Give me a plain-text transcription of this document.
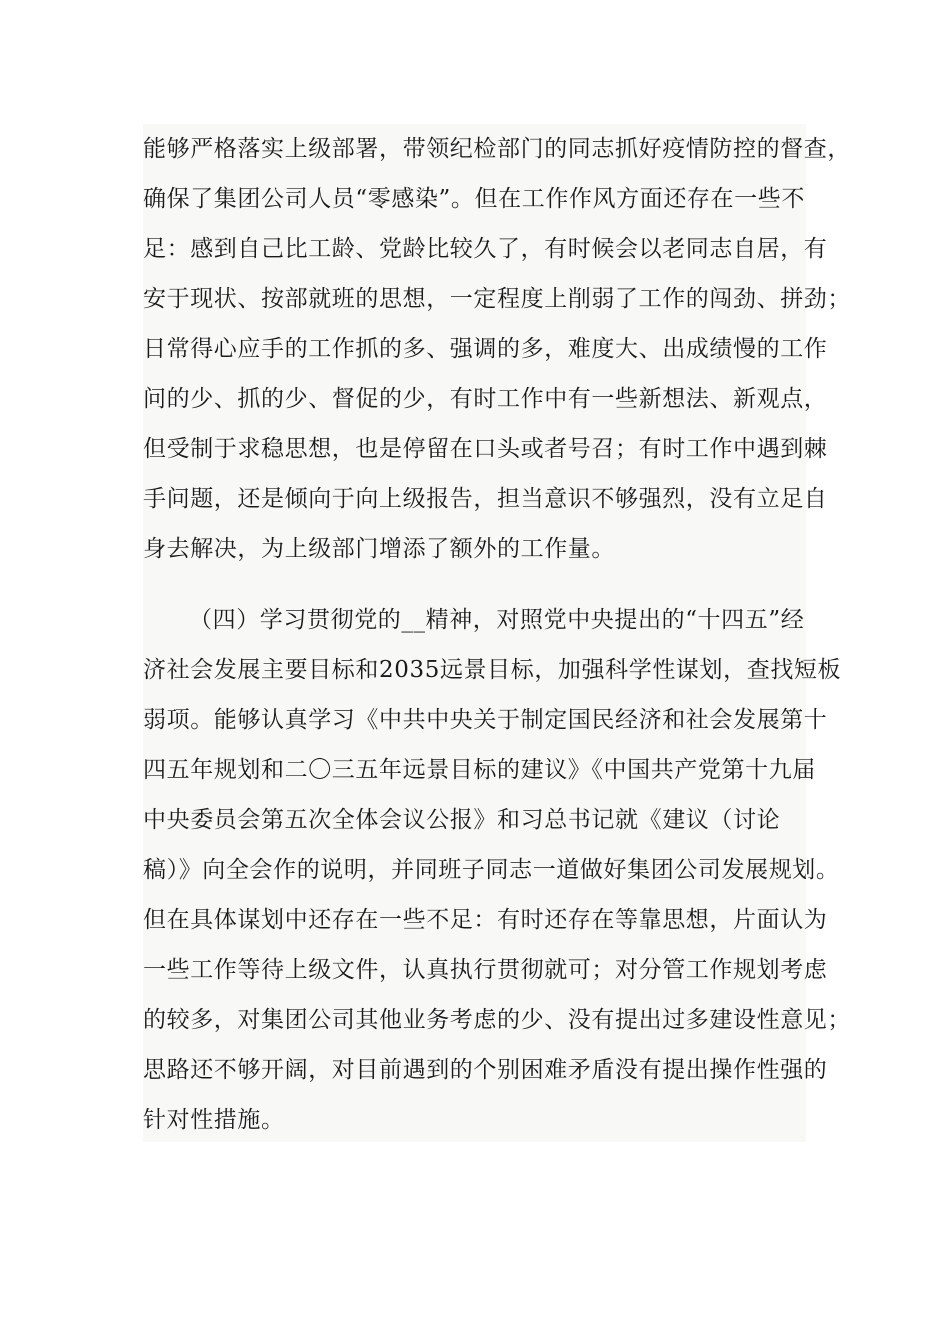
能够严格落实上级部署，带领纪检部门的同志抓好疫情防控的督查，
确保了集团公司人员“零感染”。但在工作作风方面还存在一些不
足：感到自己比工龄、党龄比较久了，有时候会以老同志自居，有
安于现状、按部就班的思想，一定程度上削弱了工作的闯劲、拼劲；
日常得心应手的工作抓的多、强调的多，难度大、出成绩慢的工作
问的少、抓的少、督促的少，有时工作中有一些新想法、新观点，
但受制于求稳思想，也是停留在口头或者号召；有时工作中遇到棘
手问题，还是倾向于向上级报告，担当意识不够强烈，没有立足自
身去解决，为上级部门增添了额外的工作量。
（四）学习贯彻党的__精神，对照党中央提出的“十四五”经
济社会发展主要目标和2035远景目标，加强科学性谋划，查找短板
弱项。能够认真学习《中共中央关于制定国民经济和社会发展第十
四五年规划和二〇三五年远景目标的建议》《中国共产党第十九届
中央委员会第五次全体会议公报》和习总书记就《建议（讨论
稿）》向全会作的说明，并同班子同志一道做好集团公司发展规划。
但在具体谋划中还存在一些不足：有时还存在等靠思想，片面认为
一些工作等待上级文件，认真执行贯彻就可；对分管工作规划考虑
的较多，对集团公司其他业务考虑的少、没有提出过多建设性意见；
思路还不够开阔，对目前遇到的个别困难矛盾没有提出操作性强的
针对性措施。
